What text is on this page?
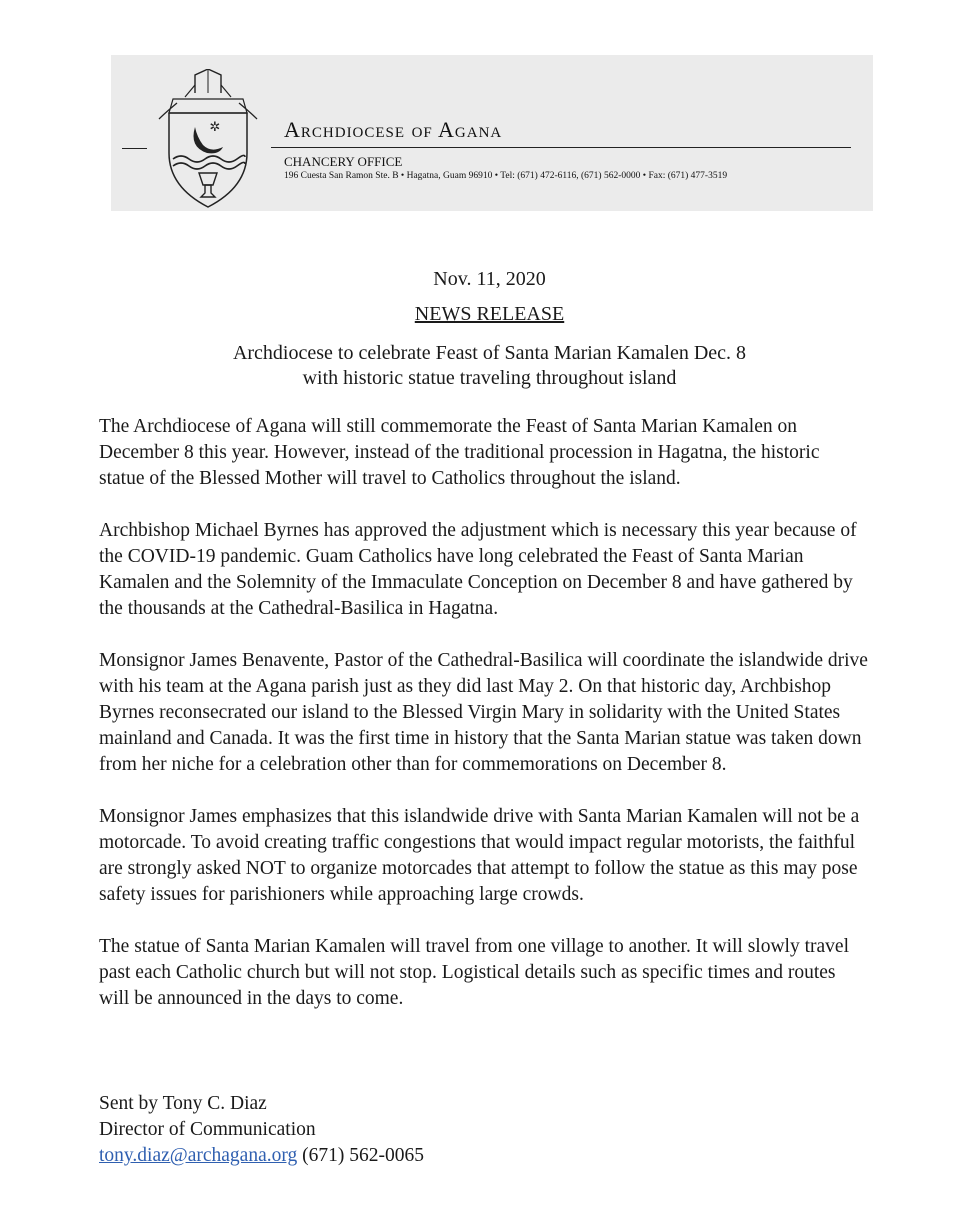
✲	Archdiocese of Agana
CHANCERY OFFICE
196 Cuesta San Ramon Ste. B • Hagatna, Guam 96910 • Tel: (671) 472-6116, (671) 562-0000 • Fax: (671) 477-3519
Nov. 11, 2020
NEWS RELEASE
Archdiocese to celebrate Feast of Santa Marian Kamalen Dec. 8
with historic statue traveling throughout island

The Archdiocese of Agana will still commemorate the Feast of Santa Marian Kamalen on December 8 this year. However, instead of the traditional procession in Hagatna, the historic statue of the Blessed Mother will travel to Catholics throughout the island.

Archbishop Michael Byrnes has approved the adjustment which is necessary this year because of the COVID-19 pandemic. Guam Catholics have long celebrated the Feast of Santa Marian Kamalen and the Solemnity of the Immaculate Conception on December 8 and have gathered by the thousands at the Cathedral-Basilica in Hagatna.

Monsignor James Benavente, Pastor of the Cathedral-Basilica will coordinate the islandwide drive with his team at the Agana parish just as they did last May 2. On that historic day, Archbishop Byrnes reconsecrated our island to the Blessed Virgin Mary in solidarity with the United States mainland and Canada. It was the first time in history that the Santa Marian statue was taken down from her niche for a celebration other than for commemorations on December 8.

Monsignor James emphasizes that this islandwide drive with Santa Marian Kamalen will not be a motorcade. To avoid creating traffic congestions that would impact regular motorists, the faithful are strongly asked NOT to organize motorcades that attempt to follow the statue as this may pose safety issues for parishioners while approaching large crowds.

The statue of Santa Marian Kamalen will travel from one village to another. It will slowly travel past each Catholic church but will not stop. Logistical details such as specific times and routes will be announced in the days to come.

Sent by Tony C. Diaz
Director of Communication
tony.diaz@archagana.org (671) 562-0065
